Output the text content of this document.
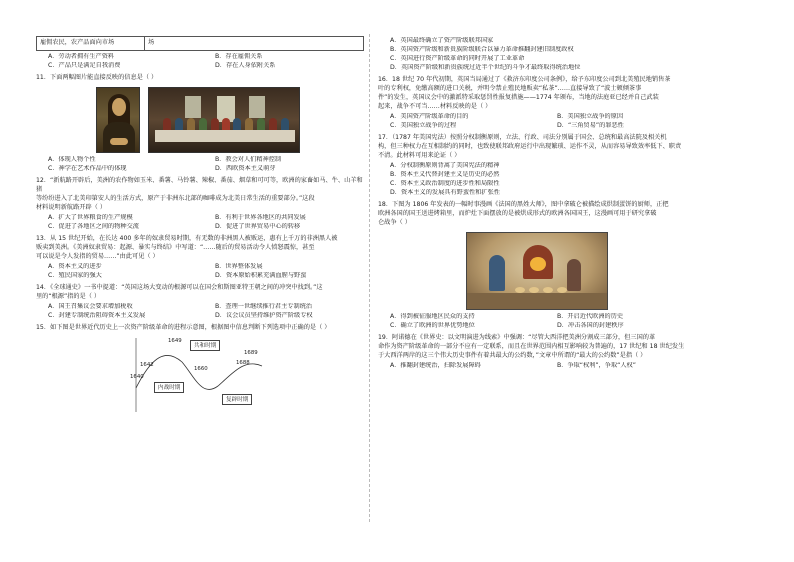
雇佣农民，农产品面向市场	场
A．劳动者拥有生产资料	B．存在雇佣关系
C．产品只是满足自我消费	D．存在人身依附关系

11．下面两幅图片能直接反映的信息是（ ）

A．体现人物个性	B．教会对人们精神控制
C．神学在艺术作品中的体现	D．西欧资本主义萌芽

12．“新航路开辟后，美洲的农作物如玉米、番薯、马铃薯、辣椒、番茄、烟草和可可等，欧洲的家畜如马、牛、山羊和猪

等纷纷进入了北美印第安人的生活方式，原产于非洲东北部的咖啡成为北美日常生活的重要部分。”这段

材料说明新航路开辟（ ）

A．扩大了世界粮食的生产规模	B．有利于世界各地区的共同发展
C．促进了各地区之间的物种交流	D．促进了世界贸易中心的转移

13．从 15 世纪开始，在长达 400 多年的奴隶贸易时期，有无数的非洲黑人被贩运，惠有上千万的非洲黑人被

贩卖到美洲。《美洲奴隶贸易：起源、暴实与终结》中写道：“……随后的贸易活动令人愤怒震惊，甚至

可以说是令人发指的贸易……”由此可见（ ）

A．资本主义的进步	B．世界整体发展
C．殖民国家的强大	D．资本原始积累充满血腥与野蛮

14．《全球通史》一书中提道：“英国这场大变动的根源可以在国会和斯图亚特王朝之间的冲突中找到。”这

里的“根源”指的是（ ）

A．国王召集议会要求增加税收	B．查理一世继续推行君主专制统治
C．封建专制统治阻碍资本主义发展	D．议会议员坚持维护资产阶级专权

15．如下图是世界近代历史上一次资产阶级革命的进程示意图，根据图中信息判断下列选项中正确的是（ ）

1642
1640
1649
1660
1689
1688
共和时期
内战时期
复辟时期
A．英国最终确立了资产阶级联邦国家
B．英国资产阶级和新贵族阶级联合以暴力革命推翻封建旧制度政权
C．英国进行资产阶级革命的同时开展了工业革命
D．英国资产阶级和新贵族统过近半个世纪的斗争才最终取得统治地位

16．18 世纪 70 年代初期，英国当局通过了《救济东印度公司条例》，给予东印度公司到北美殖民地销售茶

叶的专利权，免缴高额的进口关税，并明令禁止殖民地贩卖“私茶”……直接导致了“波士顿倾茶事

件”的发生，英国议会中的激派特采取惩罚性报复措施——1774 年颁布，当地的法庭亚已经并自己武装

起来，战争不可当……材料反映的是（ ）

A．美国资产阶级革命的目的	B．美国独立战争的原因
C．美国独立战争的过程	D．“三角贸易”的罪恶性

17．（1787 年美国宪法）按照分权制衡原则，立法、行政、司法分别属于国会、总统和最高法院及相关机

构，但三种权力在互相制约的同时，也致使联邦政府运行中出现繁琐、运作不灵，从而容易导致效率低下、职责

不清。此材料可用来论证（ ）

A．分权制衡原则背离了美国宪法的精神
B．资本主义代替封建主义是历史的必然
C．资本主义政治制度的进步性和局限性
D．资本主义的发展具有野蛮性和扩张性

18．下图为 1806 年发表的一幅时事漫画《法国的黑姓大师》，图中拿破仑被描绘成烘制蛋饼的厨师，正把

欧洲各国的国王送进烤箱里，而炉灶下面摆放的是被烘成形式的欧洲各国国王，这漫画可用于研究拿破

仑战争（ ）

A．得到被征服地区民众的支持	B．开启近代欧洲的历史
C．确立了欧洲的世界优势地位	D．冲击各国的封建秩序

19．阿诺德在《世界史：以文明演进为线索》中强调：“尽管大西洋把美洲分割成三部分，但三国的革

命作为资产阶级革命的一部分不应有一定联系，而且在世界范围内相互影响较为普遍的，17 世纪和 18 世纪发生

于大西洋两岸的这三个伟大历史事件有着共最大的公约数，”文章中所谓的“最大的公约数”是指（ ）

A．推翻封建统治，扫除发展障碍	B．争取“权利”，争取“人权”
